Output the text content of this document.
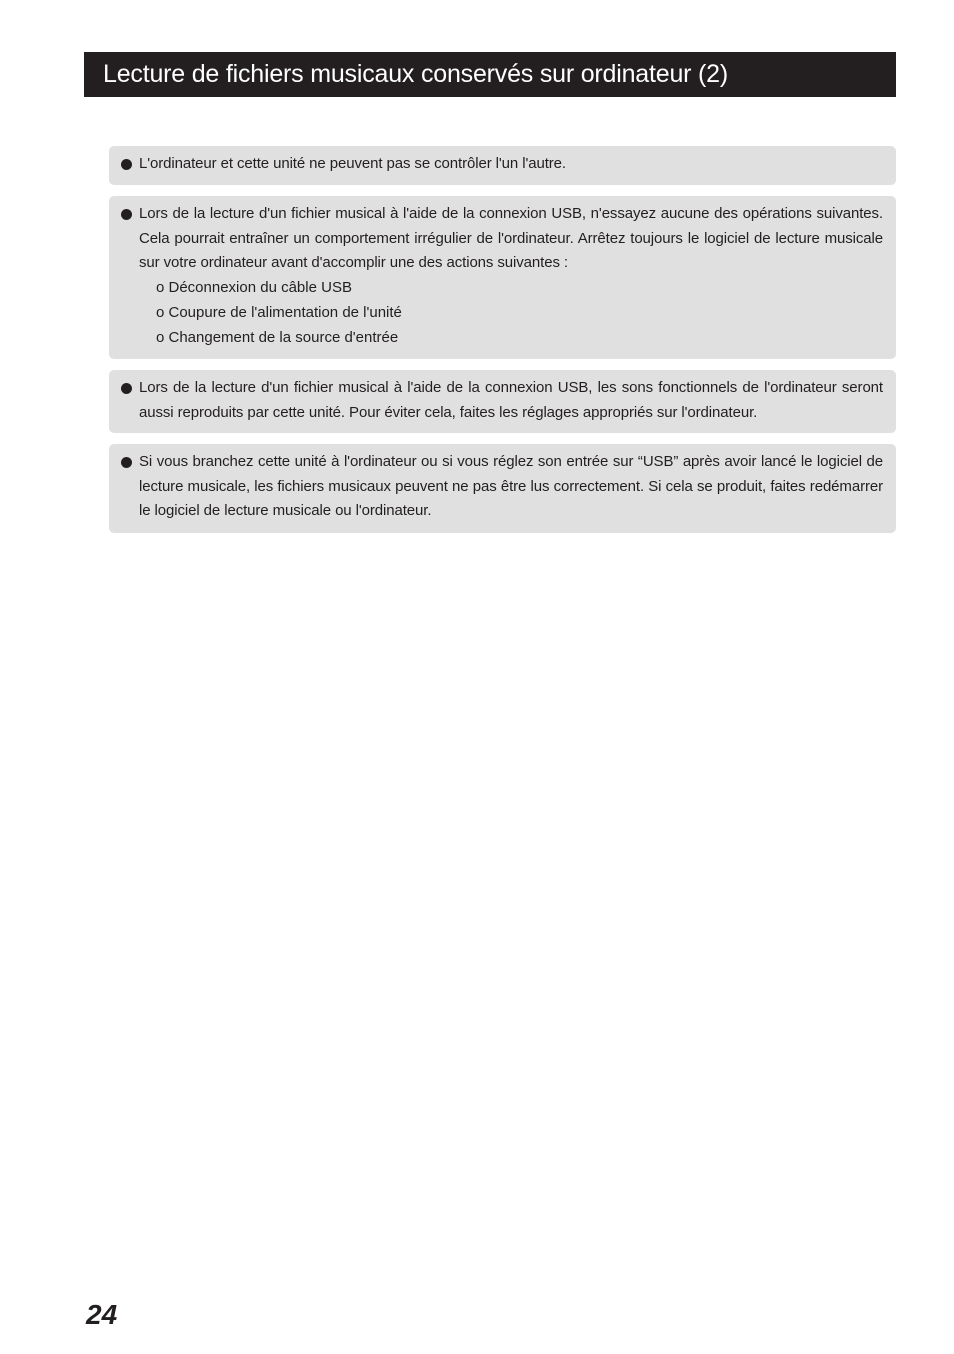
Lecture de fichiers musicaux conservés sur ordinateur (2)
L'ordinateur et cette unité ne peuvent pas se contrôler l'un l'autre.
Lors de la lecture d'un fichier musical à l'aide de la connexion USB, n'essayez aucune des opérations suivantes. Cela pourrait entraîner un comportement irrégulier de l'ordinateur. Arrêtez toujours le logiciel de lecture musicale sur votre ordinateur avant d'accomplir une des actions suivantes :
o Déconnexion du câble USB
o Coupure de l'alimentation de l'unité
o Changement de la source d'entrée
Lors de la lecture d'un fichier musical à l'aide de la connexion USB, les sons fonctionnels de l'ordinateur seront aussi reproduits par cette unité. Pour éviter cela, faites les réglages appropriés sur l'ordinateur.
Si vous branchez cette unité à l'ordinateur ou si vous réglez son entrée sur “USB” après avoir lancé le logiciel de lecture musicale, les fichiers musicaux peuvent ne pas être lus correctement. Si cela se produit, faites redémarrer le logiciel de lecture musicale ou l'ordinateur.
24
